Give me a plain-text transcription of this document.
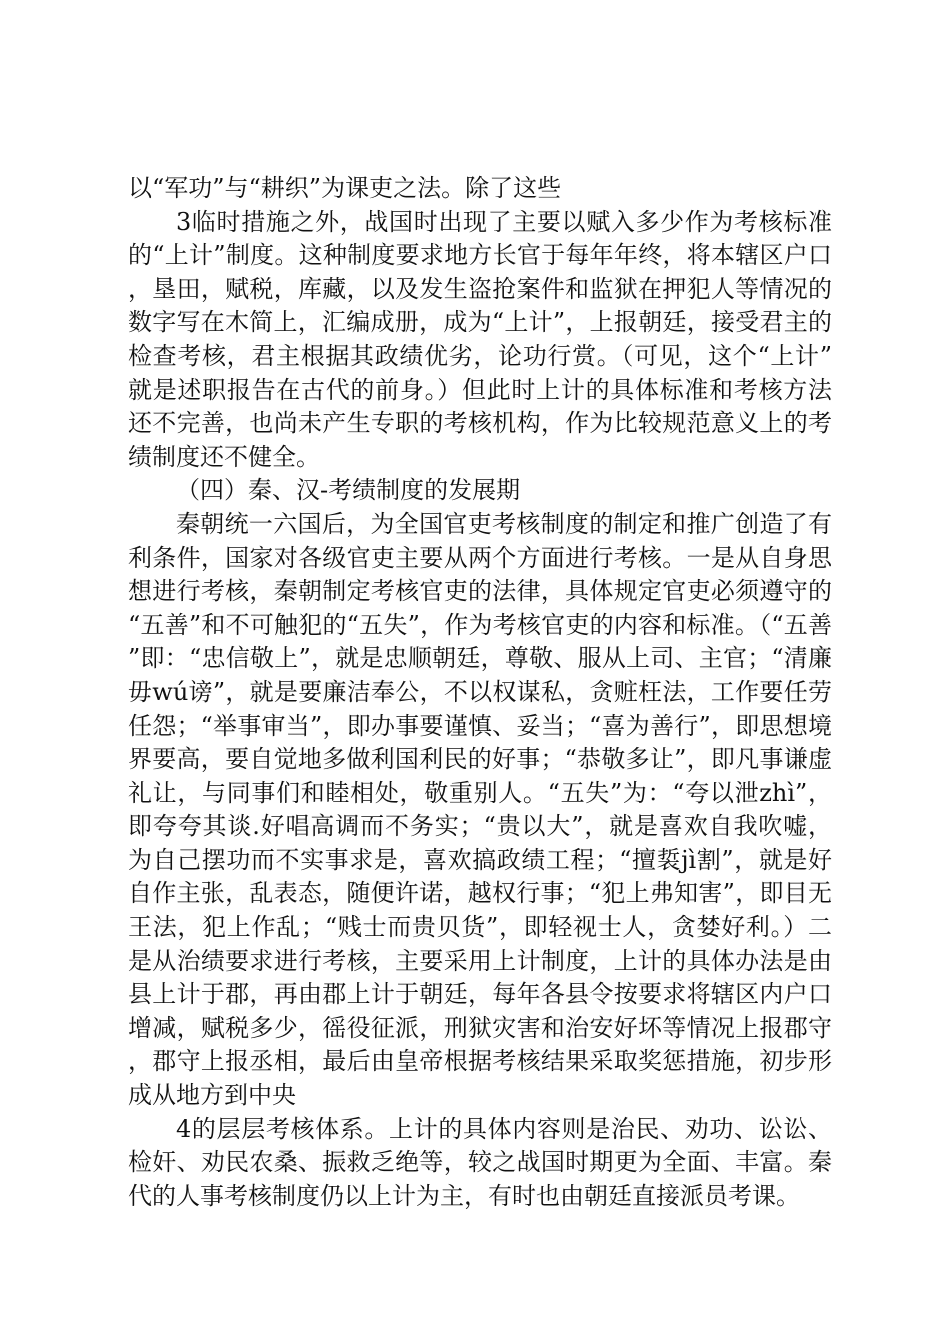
以“军功”与“耕织”为课吏之法。除了这些

3临时措施之外，战国时出现了主要以赋入多少作为考核标准的“上计”制度。这种制度要求地方长官于每年年终，将本辖区户口，垦田，赋税，库藏，以及发生盗抢案件和监狱在押犯人等情况的数字写在木简上，汇编成册，成为“上计”，上报朝廷，接受君主的检查考核，君主根据其政绩优劣，论功行赏。（可见，这个“上计”就是述职报告在古代的前身。）但此时上计的具体标准和考核方法还不完善，也尚未产生专职的考核机构，作为比较规范意义上的考绩制度还不健全。

（四）秦、汉-考绩制度的发展期

秦朝统一六国后，为全国官吏考核制度的制定和推广创造了有利条件，国家对各级官吏主要从两个方面进行考核。一是从自身思想进行考核，秦朝制定考核官吏的法律，具体规定官吏必须遵守的“五善”和不可触犯的“五失”，作为考核官吏的内容和标准。（“五善”即：“忠信敬上”，就是忠顺朝廷，尊敬、服从上司、主官；“清廉毋wú谤”，就是要廉洁奉公，不以权谋私，贪赃枉法，工作要任劳任怨；“举事审当”，即办事要谨慎、妥当；“喜为善行”，即思想境界要高，要自觉地多做利国利民的好事；“恭敬多让”，即凡事谦虚礼让，与同事们和睦相处，敬重别人。“五失”为：“夸以泄zhì”，即夸夸其谈.好唱高调而不务实；“贵以大”，就是喜欢自我吹嘘，为自己摆功而不实事求是，喜欢搞政绩工程；“擅裚jì割”，就是好自作主张，乱表态，随便许诺，越权行事；“犯上弗知害”，即目无王法，犯上作乱；“贱士而贵贝货”，即轻视士人，贪婪好利。）二是从治绩要求进行考核，主要采用上计制度，上计的具体办法是由县上计于郡，再由郡上计于朝廷，每年各县令按要求将辖区内户口增减，赋税多少，徭役征派，刑狱灾害和治安好坏等情况上报郡守，郡守上报丞相，最后由皇帝根据考核结果采取奖惩措施，初步形成从地方到中央

4的层层考核体系。上计的具体内容则是治民、劝功、讼讼、检奸、劝民农桑、振救乏绝等，较之战国时期更为全面、丰富。秦代的人事考核制度仍以上计为主，有时也由朝廷直接派员考课。
